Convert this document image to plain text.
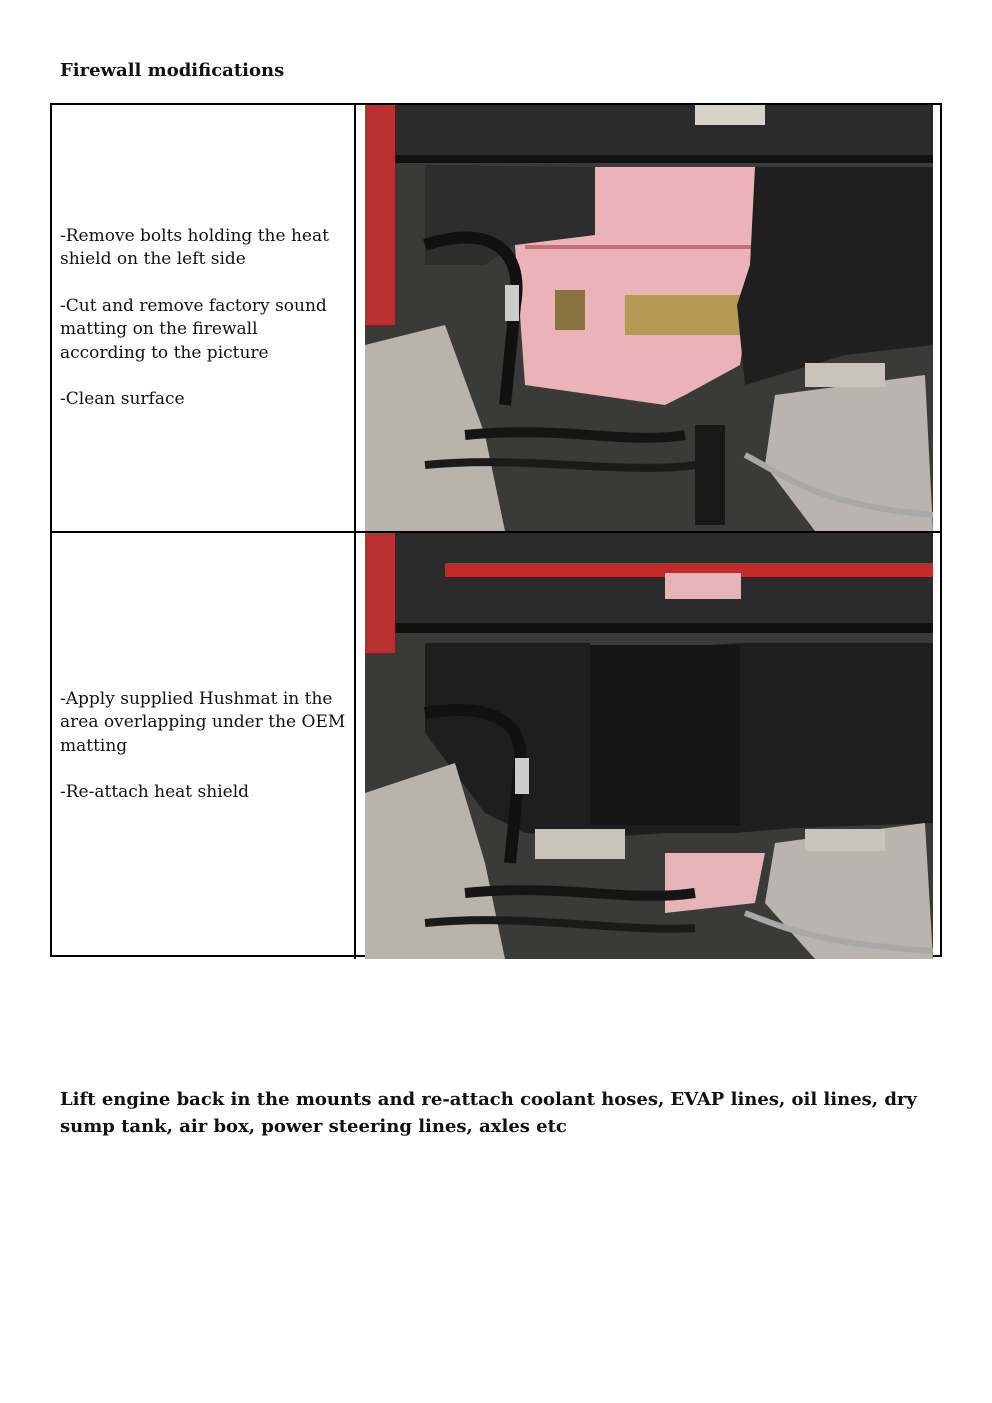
Firewall modifications

-Remove bolts holding the heat shield on the left side

-Cut and remove factory sound matting on the firewall according to the picture

-Clean surface

-Apply supplied Hushmat in the area overlapping under the OEM matting

-Re-attach heat shield

Lift engine back in the mounts and re-attach coolant hoses, EVAP lines, oil lines, dry sump tank, air box, power steering lines, axles etc
